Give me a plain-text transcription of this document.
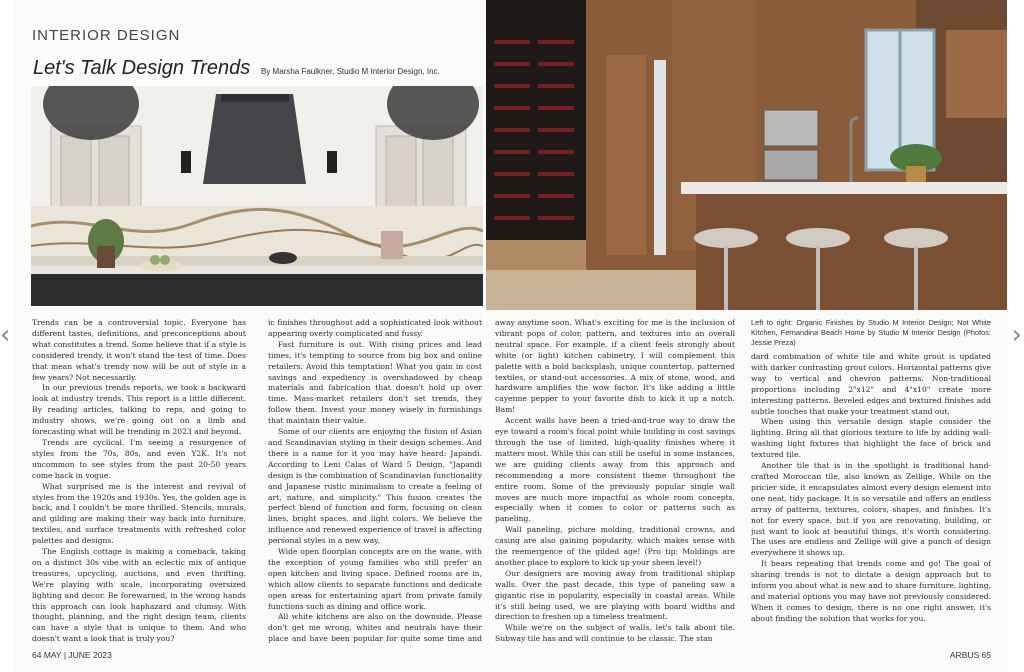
‹	›
INTERIOR DESIGN
Let's Talk Design Trends By Marsha Faulkner, Studio M Interior Design, Inc.

Trends can be a controversial topic. Everyone has different tastes, definitions, and preconceptions about what constitutes a trend. Some believe that if a style is considered trendy, it won't stand the test of time. Does that mean what's trendy now will be out of style in a few years? Not necessarily.

In our previous trends reports, we took a backward look at industry trends. This report is a little different. By reading articles, talking to reps, and going to industry shows, we're going out on a limb and forecasting what will be trending in 2023 and beyond.

Trends are cyclical. I'm seeing a resurgence of styles from the 70s, 80s, and even Y2K. It's not uncommon to see styles from the past 20-50 years come back in vogue.

What surprised me is the interest and revival of styles from the 1920s and 1930s. Yes, the golden age is back, and I couldn't be more thrilled. Stencils, murals, and gilding are making their way back into furniture, textiles, and surface treatments with refreshed color palettes and designs.

The English cottage is making a comeback, taking on a distinct 30s vibe with an eclectic mix of antique treasures, upcycling, auctions, and even thrifting. We're playing with scale, incorporating oversized lighting and decor. Be forewarned, in the wrong hands this approach can look haphazard and clumsy. With thought, planning, and the right design team, clients can have a style that is unique to them. And who doesn't want a look that is truly you?

ic finishes throughout add a sophisticated look without appearing overly complicated and fussy.

Fast furniture is out. With rising prices and lead times, it's tempting to source from big box and online retailers. Avoid this temptation! What you gain in cost savings and expediency is overshadowed by cheap materials and fabrication that doesn't hold up over time. Mass-market retailers don't set trends, they follow them. Invest your money wisely in furnishings that maintain their value.

Some of our clients are enjoying the fusion of Asian and Scandinavian styling in their design schemes. And there is a name for it you may have heard: Japandi. According to Leni Calas of Ward 5 Design, "Japandi design is the combination of Scandinavian functionality and Japanese rustic minimalism to create a feeling of art, nature, and simplicity." This fusion creates the perfect blend of function and form, focusing on clean lines, bright spaces, and light colors. We believe the influence and renewed experience of travel is affecting personal styles in a new way.

Wide open floorplan concepts are on the wane, with the exception of young families who still prefer an open kitchen and living space. Defined rooms are in, which allow clients to separate functions and dedicate open areas for entertaining apart from private family functions such as dining and office work.

All white kitchens are also on the downside. Please don't get me wrong, whites and neutrals have their place and have been popular for quite some time and

64 MAY | JUNE 2023

away anytime soon. What's exciting for me is the inclusion of vibrant pops of color, pattern, and textures into an overall neutral space. For example, if a client feels strongly about white (or light) kitchen cabinetry, I will complement this palette with a bold backsplash, unique countertop, patterned textiles, or stand-out accessories. A mix of stone, wood, and hardware amplifies the wow factor. It's like adding a little cayenne pepper to your favorite dish to kick it up a notch. Bam!

Accent walls have been a tried-and-true way to draw the eye toward a room's focal point while building in cost savings through the use of limited, high-quality finishes where it matters most. While this can still be useful in some instances, we are guiding clients away from this approach and recommending a more consistent theme throughout the entire room. Some of the previously popular single wall moves are much more impactful as whole room concepts, especially when it comes to color or patterns such as paneling.

Wall paneling, picture molding, traditional crowns, and casing are also gaining popularity, which makes sense with the reemergence of the gilded age! (Pro tip: Moldings are another place to explore to kick up your sheen level!)

Our designers are moving away from traditional shiplap walls. Over the past decade, this type of paneling saw a gigantic rise in popularity, especially in coastal areas. While it's still being used, we are playing with board widths and direction to freshen up a timeless treatment.

While we're on the subject of walls, let's talk about tile. Subway tile has and will continue to be classic. The stan

Left to right: Organic Finishes by Studio M Interior Design; Not White Kitchen, Fernandina Beach Home by Studio M Interior Design (Photos: Jessie Preza)

dard combination of white tile and white grout is updated with darker contrasting grout colors. Horizontal patterns give way to vertical and chevron patterns. Non-traditional proportions including 2"x12" and 4"x10" create more interesting patterns. Beveled edges and textured finishes add subtle touches that make your treatment stand out.

When using this versatile design staple consider the lighting. Bring all that glorious texture to life by adding wall-washing light fixtures that highlight the face of brick and textured tile.

Another tile that is in the spotlight is traditional hand-crafted Moroccan tile, also known as Zellige. While on the pricier side, it encapsulates almost every design element into one neat, tidy package. It is so versatile and offers an endless array of patterns, textures, colors, shapes, and finishes. It's not for every space, but if you are renovating, building, or just want to look at beautiful things, it's worth considering. The uses are endless and Zellige will give a punch of design everywhere it shows up.

It bears repeating that trends come and go! The goal of sharing trends is not to dictate a design approach but to inform you about what is new and to share furniture, lighting, and material options you may have not previously considered. When it comes to design, there is no one right answer, it's about finding the solution that works for you.

ARBUS 65
